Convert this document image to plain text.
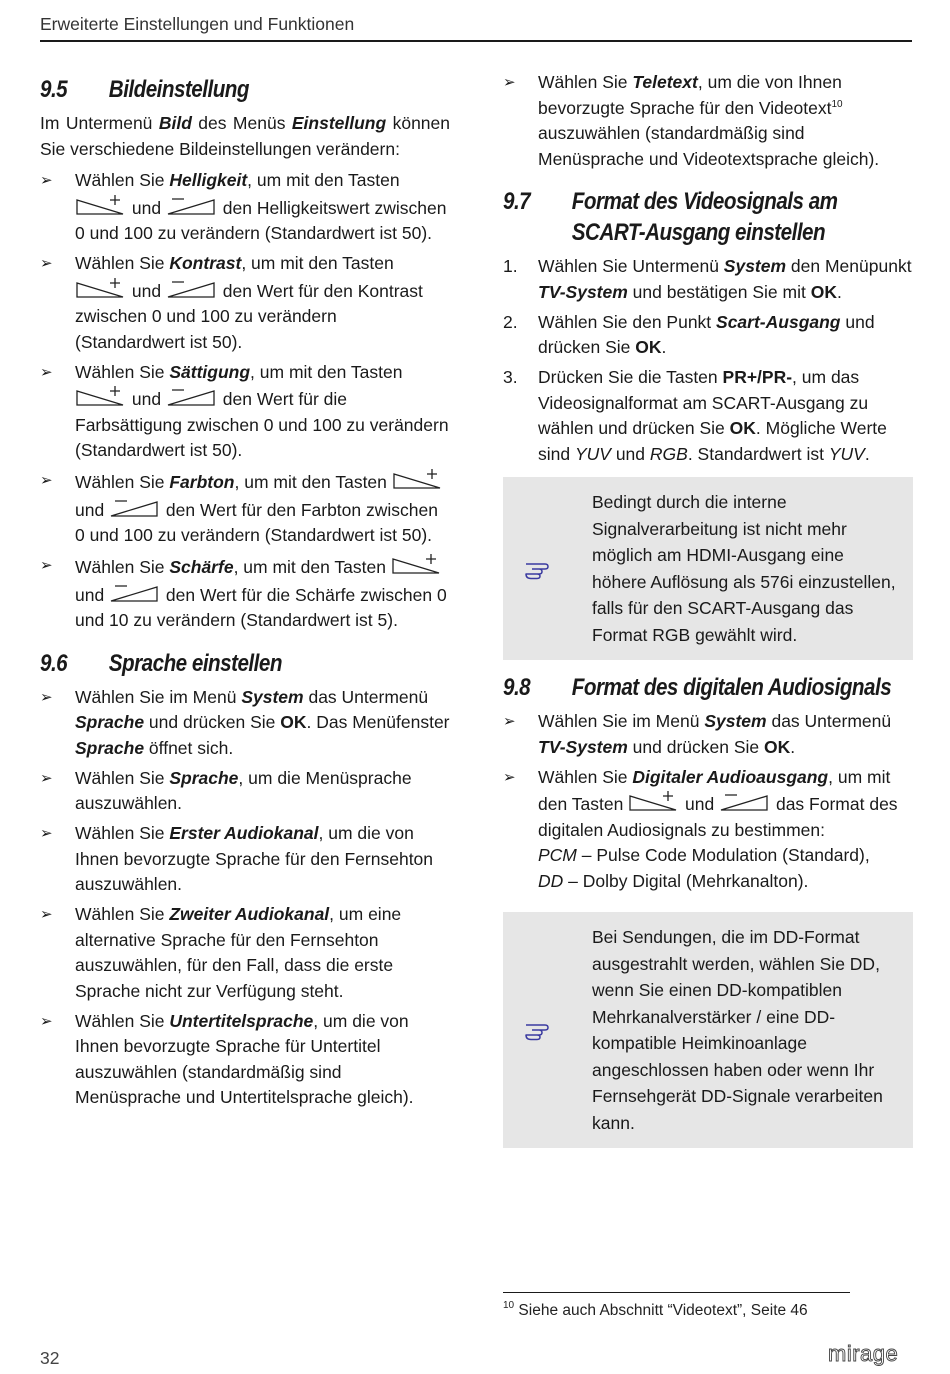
Erweiterte Einstellungen und Funktionen
9.5 Bildeinstellung

Im Untermenü Bild des Menüs Einstellung können Sie verschiedene Bildeinstellungen verändern:

➢ Wählen Sie Helligkeit, um mit den Tasten  und	den Helligkeitswert zwischen 0 und 100 zu verändern (Standardwert ist 50).
➢ Wählen Sie Kontrast, um mit den Tasten  und	den Wert für den Kontrast zwischen 0 und 100 zu verändern (Standardwert ist 50).
➢ Wählen Sie Sättigung, um mit den Tasten  und	den Wert für die Farbsättigung zwischen 0 und 100 zu verändern (Standardwert ist 50).
➢ Wählen Sie Farbton, um mit den Tasten  und	den Wert für den Farbton zwischen 0 und 100 zu verändern (Standardwert ist 50).
➢ Wählen Sie Schärfe, um mit den Tasten  und	den Wert für die Schärfe zwischen 0 und 10 zu verändern (Standardwert ist 5).
9.6 Sprache einstellen
➢ Wählen Sie im Menü System das Untermenü Sprache und drücken Sie OK. Das Menüfenster Sprache öffnet sich.
➢ Wählen Sie Sprache, um die Menüsprache auszuwählen.
➢ Wählen Sie Erster Audiokanal, um die von Ihnen bevorzugte Sprache für den Fernsehton auszuwählen.
➢ Wählen Sie Zweiter Audiokanal, um eine alternative Sprache für den Fernsehton auszuwählen, für den Fall, dass die erste Sprache nicht zur Verfügung steht.
➢ Wählen Sie Untertitelsprache, um die von Ihnen bevorzugte Sprache für Untertitel auszuwählen (standardmäßig sind Menüsprache und Untertitelsprache gleich).
➢ Wählen Sie Teletext, um die von Ihnen bevorzugte Sprache für den Videotext$^{10}$ auszuwählen (standardmäßig sind Menüsprache und Videotextsprache gleich).
9.7 Format des Videosignals am
SCART-Ausgang einstellen
1. Wählen Sie Untermenü System den Menüpunkt TV-System und bestätigen Sie mit OK.
2. Wählen Sie den Punkt Scart-Ausgang und drücken Sie OK.
3. Drücken Sie die Tasten PR+/PR-, um das Videosignalformat am SCART-Ausgang zu wählen und drücken Sie OK. Mögliche Werte sind YUV und RGB. Standardwert ist YUV.
Bedingt durch die interne Signalverarbeitung ist nicht mehr möglich am HDMI-Ausgang eine höhere Auflösung als 576i einzustellen, falls für den SCART-Ausgang das Format RGB gewählt wird.
9.8 Format des digitalen Audiosignals
➢ Wählen Sie im Menü System das Untermenü TV-System und drücken Sie OK.
➢ Wählen Sie Digitaler Audioausgang, um mit den Tasten	und	das Format des digitalen Audiosignals zu bestimmen:
PCM – Pulse Code Modulation (Standard),
DD – Dolby Digital (Mehrkanalton).
Bei Sendungen, die im DD-Format ausgestrahlt werden, wählen Sie DD, wenn Sie einen DD-kompatiblen Mehrkanalverstärker / eine DD-kompatible Heimkinoanlage angeschlossen haben oder wenn Ihr Fernsehgerät DD-Signale verarbeiten kann.
$^{10}$ Siehe auch Abschnitt “Videotext”, Seite 46
32	mirage
